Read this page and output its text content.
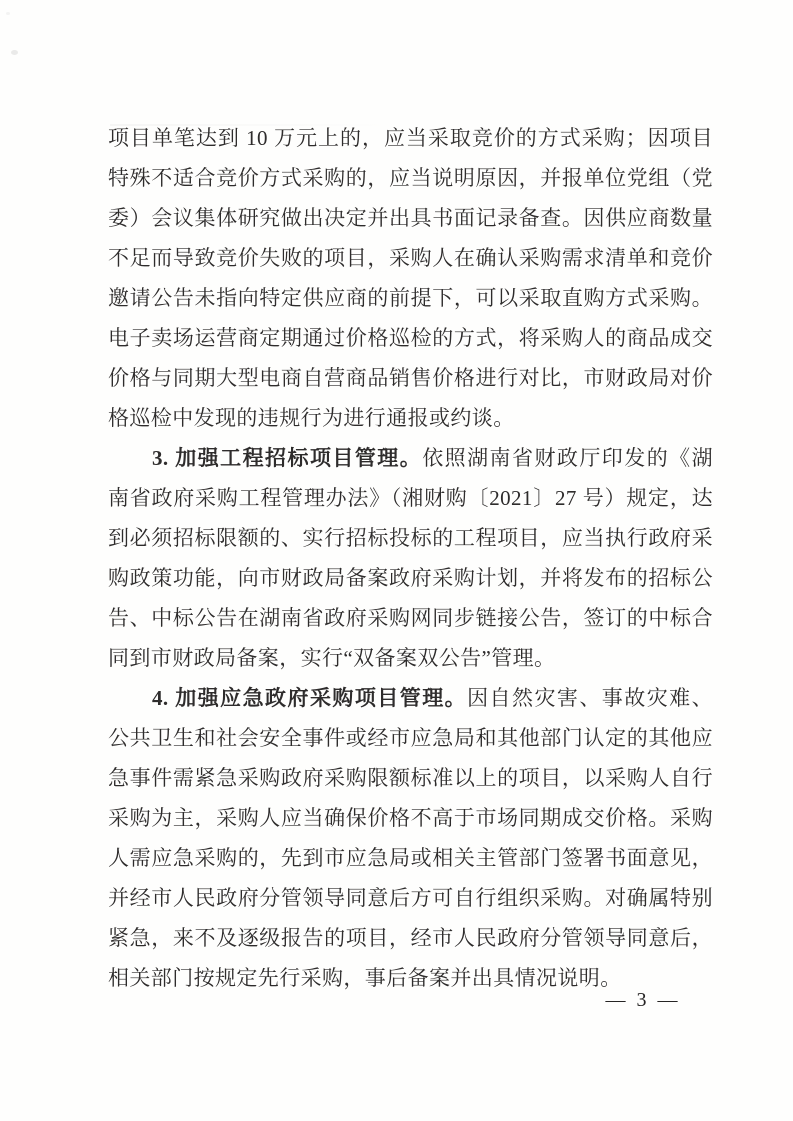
项目单笔达到 10 万元上的，应当采取竞价的方式采购；因项目
特殊不适合竞价方式采购的，应当说明原因，并报单位党组（党
委）会议集体研究做出决定并出具书面记录备查。因供应商数量
不足而导致竞价失败的项目，采购人在确认采购需求清单和竞价
邀请公告未指向特定供应商的前提下，可以采取直购方式采购。
电子卖场运营商定期通过价格巡检的方式，将采购人的商品成交
价格与同期大型电商自营商品销售价格进行对比，市财政局对价
格巡检中发现的违规行为进行通报或约谈。
3. 加强工程招标项目管理。依照湖南省财政厅印发的《湖
南省政府采购工程管理办法》（湘财购〔2021〕27 号）规定，达
到必须招标限额的、实行招标投标的工程项目，应当执行政府采
购政策功能，向市财政局备案政府采购计划，并将发布的招标公
告、中标公告在湖南省政府采购网同步链接公告，签订的中标合
同到市财政局备案，实行“双备案双公告”管理。
4. 加强应急政府采购项目管理。因自然灾害、事故灾难、
公共卫生和社会安全事件或经市应急局和其他部门认定的其他应
急事件需紧急采购政府采购限额标准以上的项目，以采购人自行
采购为主，采购人应当确保价格不高于市场同期成交价格。采购
人需应急采购的，先到市应急局或相关主管部门签署书面意见，
并经市人民政府分管领导同意后方可自行组织采购。对确属特别
紧急，来不及逐级报告的项目，经市人民政府分管领导同意后，
相关部门按规定先行采购，事后备案并出具情况说明。
— 3 —
